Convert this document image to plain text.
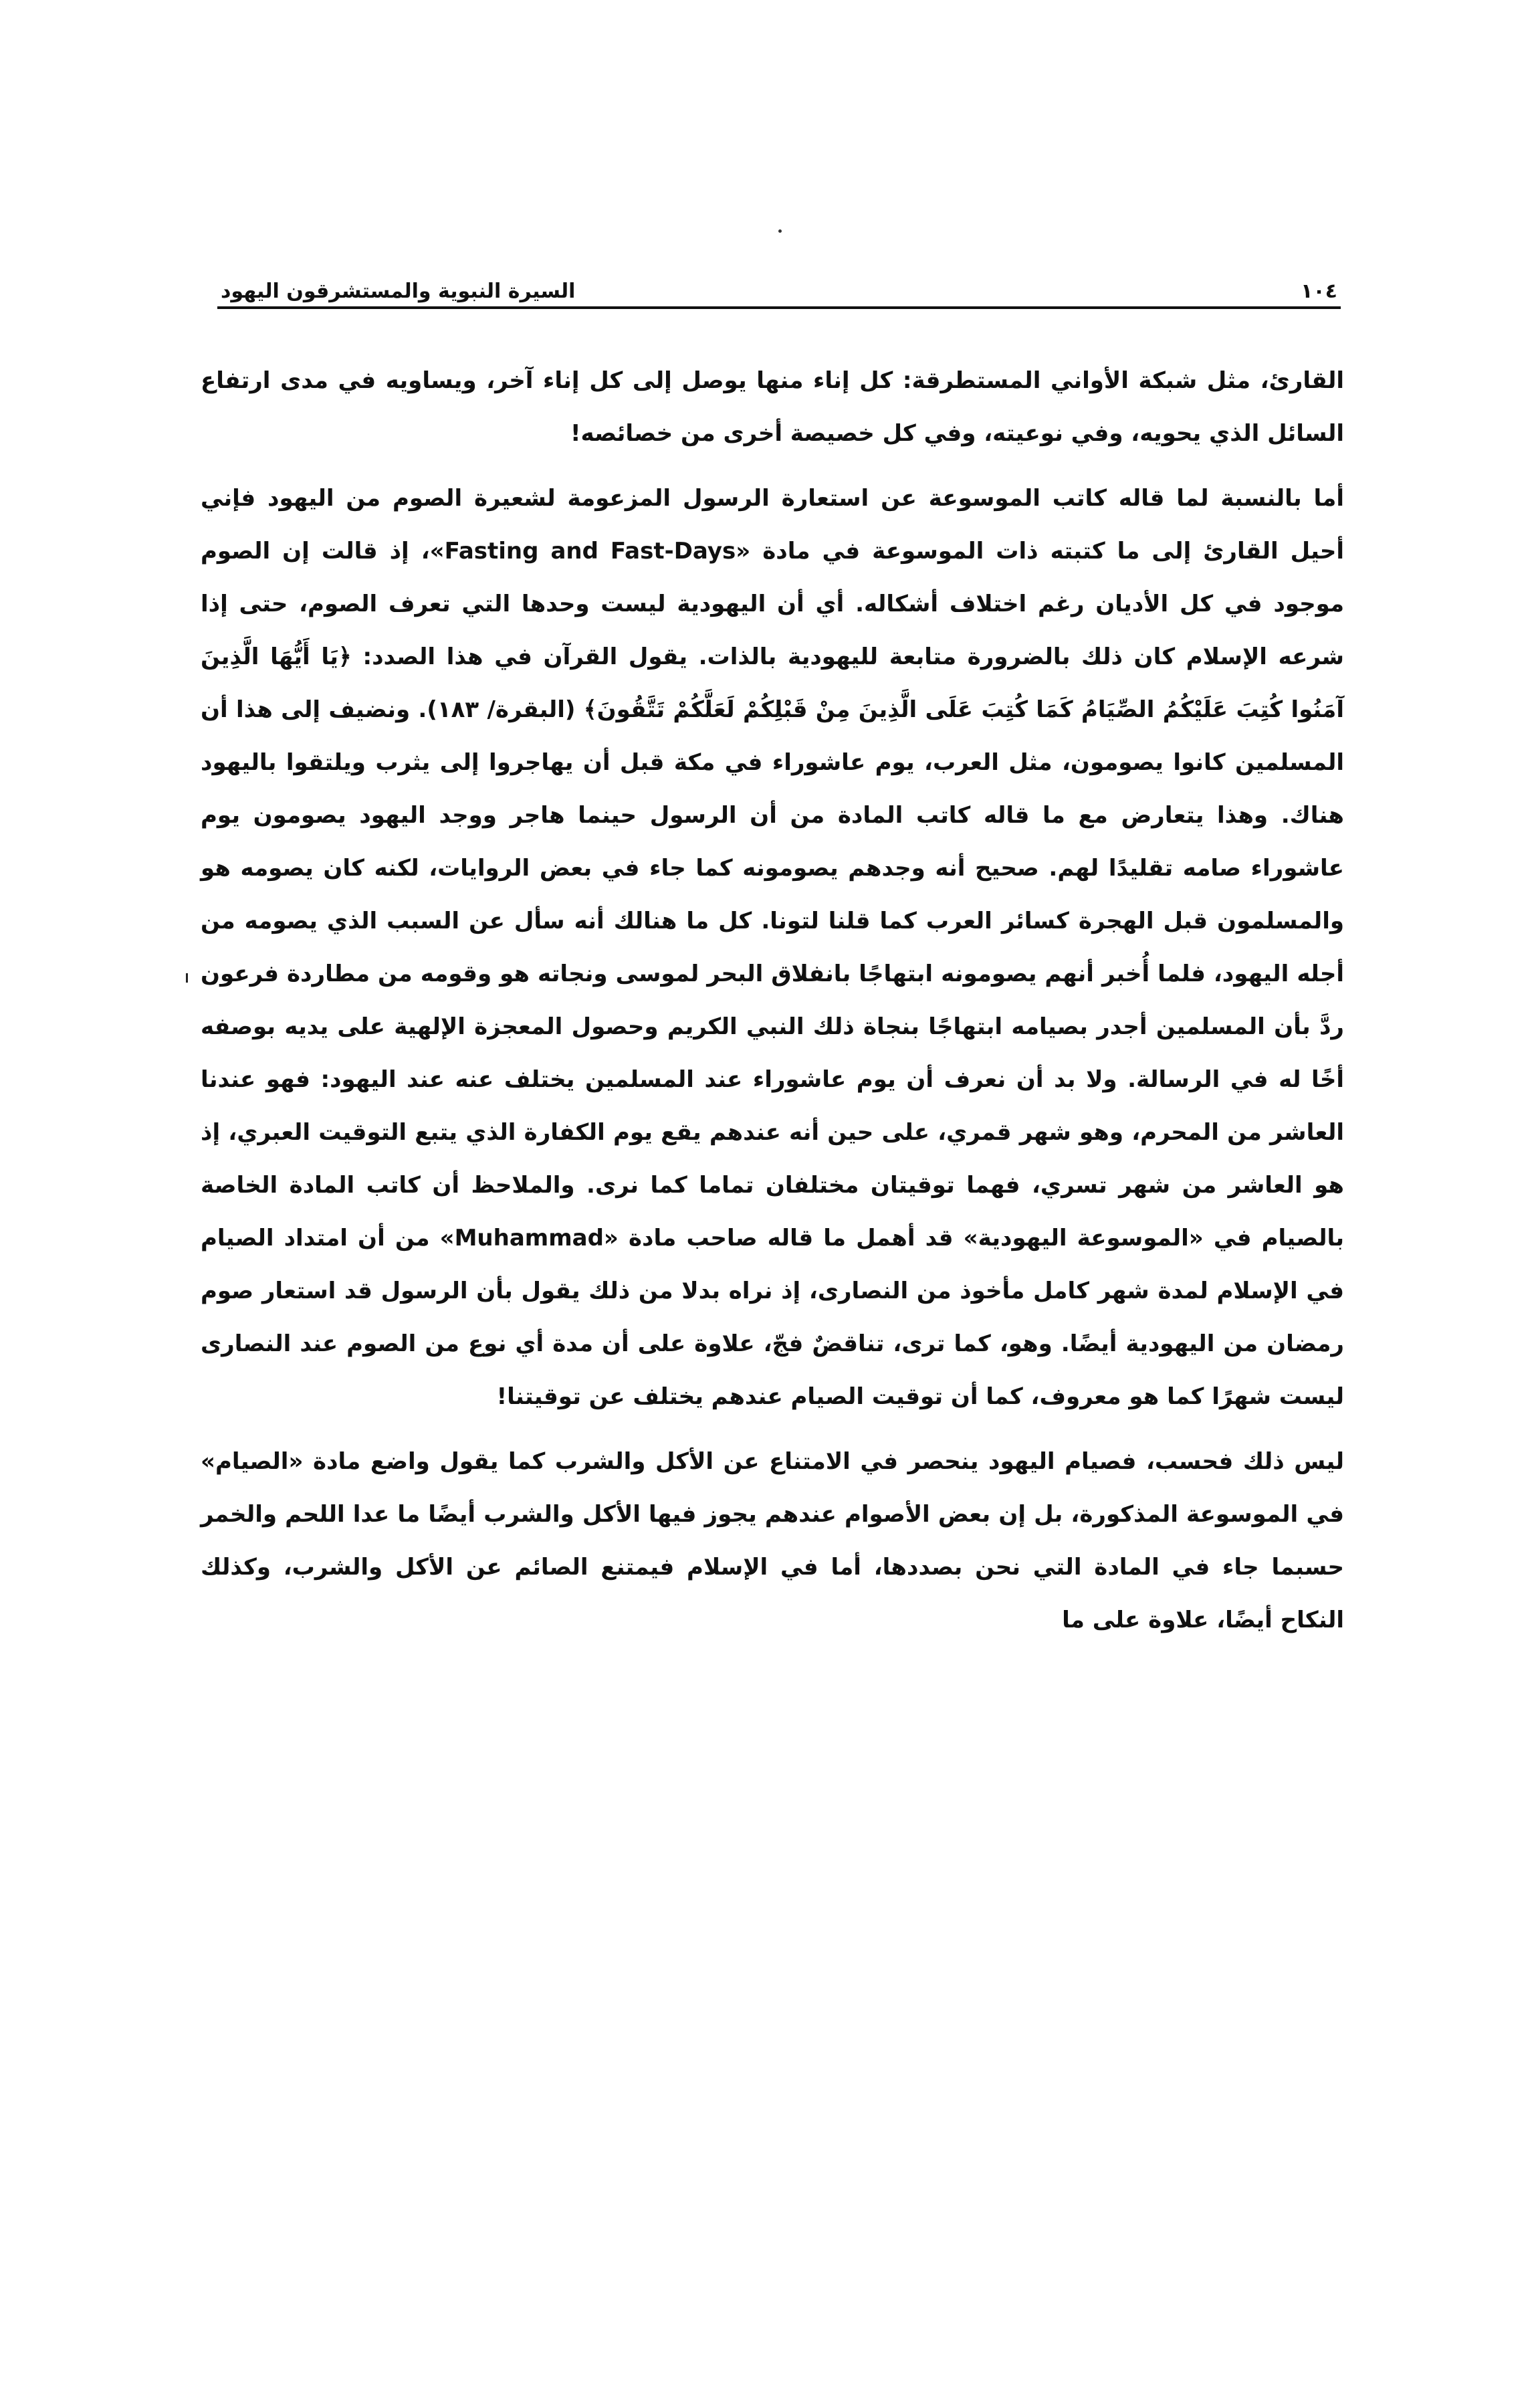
١٠٤
السيرة النبوية والمستشرقون اليهود

القارئ، مثل شبكة الأواني المستطرقة: كل إناء منها يوصل إلى كل إناء آخر، ويساويه في مدى ارتفاع السائل الذي يحويه، وفي نوعيته، وفي كل خصيصة أخرى من خصائصه!

أما بالنسبة لما قاله كاتب الموسوعة عن استعارة الرسول المزعومة لشعيرة الصوم من اليهود فإني أحيل القارئ إلى ما كتبته ذات الموسوعة في مادة «Fasting and Fast-Days»، إذ قالت إن الصوم موجود في كل الأديان رغم اختلاف أشكاله. أي أن اليهودية ليست وحدها التي تعرف الصوم، حتى إذا شرعه الإسلام كان ذلك بالضرورة متابعة لليهودية بالذات. يقول القرآن في هذا الصدد: ﴿يَا أَيُّهَا الَّذِينَ آمَنُوا كُتِبَ عَلَيْكُمُ الصِّيَامُ كَمَا كُتِبَ عَلَى الَّذِينَ مِنْ قَبْلِكُمْ لَعَلَّكُمْ تَتَّقُونَ﴾ (البقرة/ ١٨٣). ونضيف إلى هذا أن المسلمين كانوا يصومون، مثل العرب، يوم عاشوراء في مكة قبل أن يهاجروا إلى يثرب ويلتقوا باليهود هناك. وهذا يتعارض مع ما قاله كاتب المادة من أن الرسول حينما هاجر ووجد اليهود يصومون يوم عاشوراء صامه تقليدًا لهم. صحيح أنه وجدهم يصومونه كما جاء في بعض الروايات، لكنه كان يصومه هو والمسلمون قبل الهجرة كسائر العرب كما قلنا لتونا. كل ما هنالك أنه سأل عن السبب الذي يصومه من أجله اليهود، فلما أُخبر أنهم يصومونه ابتهاجًا بانفلاق البحر لموسى ونجاته هو وقومه من مطاردة فرعون ردَّ بأن المسلمين أجدر بصيامه ابتهاجًا بنجاة ذلك النبي الكريم وحصول المعجزة الإلهية على يديه بوصفه أخًا له في الرسالة. ولا بد أن نعرف أن يوم عاشوراء عند المسلمين يختلف عنه عند اليهود: فهو عندنا العاشر من المحرم، وهو شهر قمري، على حين أنه عندهم يقع يوم الكفارة الذي يتبع التوقيت العبري، إذ هو العاشر من شهر تسري، فهما توقيتان مختلفان تماما كما نرى. والملاحظ أن كاتب المادة الخاصة بالصيام في «الموسوعة اليهودية» قد أهمل ما قاله صاحب مادة «Muhammad» من أن امتداد الصيام في الإسلام لمدة شهر كامل مأخوذ من النصارى، إذ نراه بدلا من ذلك يقول بأن الرسول قد استعار صوم رمضان من اليهودية أيضًا. وهو، كما ترى، تناقضٌ فجّ، علاوة على أن مدة أي نوع من الصوم عند النصارى ليست شهرًا كما هو معروف، كما أن توقيت الصيام عندهم يختلف عن توقيتنا!

ليس ذلك فحسب، فصيام اليهود ينحصر في الامتناع عن الأكل والشرب كما يقول واضع مادة «الصيام» في الموسوعة المذكورة، بل إن بعض الأصوام عندهم يجوز فيها الأكل والشرب أيضًا ما عدا اللحم والخمر حسبما جاء في المادة التي نحن بصددها، أما في الإسلام فيمتنع الصائم عن الأكل والشرب، وكذلك النكاح أيضًا، علاوة على ما
